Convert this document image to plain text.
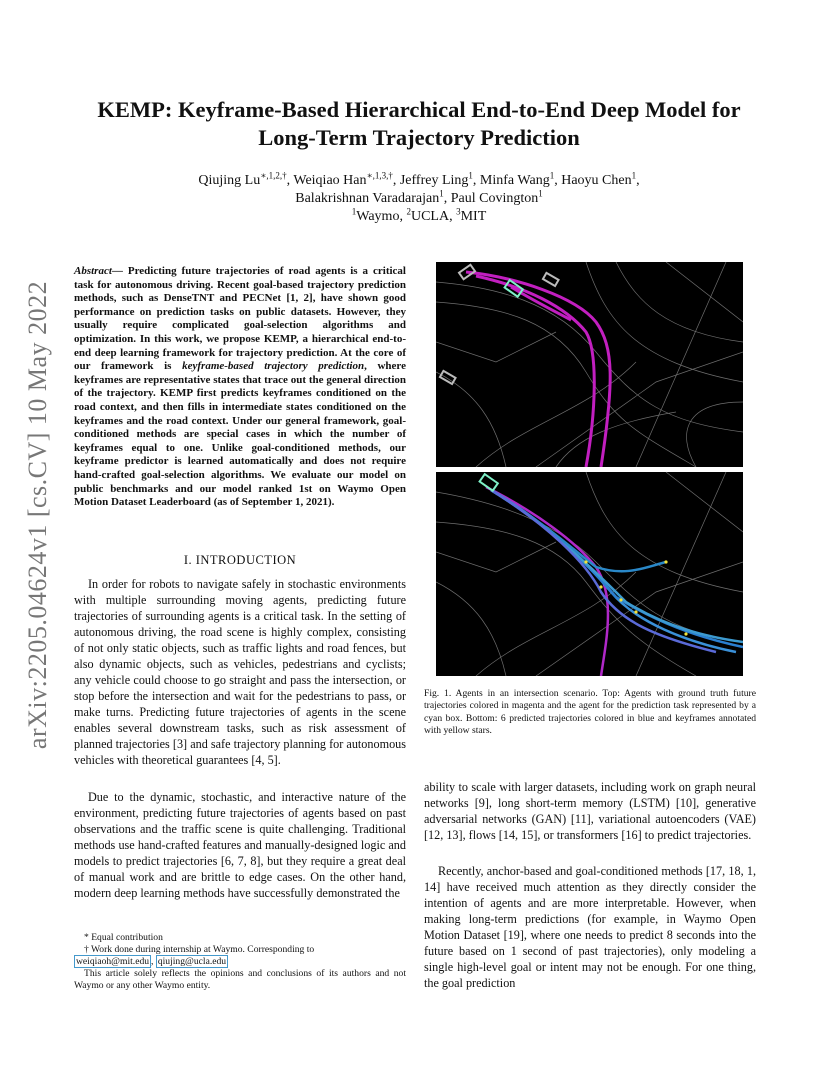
arXiv:2205.04624v1 [cs.CV] 10 May 2022
KEMP: Keyframe-Based Hierarchical End-to-End Deep Model for
Long-Term Trajectory Prediction
Qiujing $Lu^{∗,1,2,\dagger}$, Weiqiao Han$^{∗,1,3,\dagger}$, Jeffrey Ling$^1$, Minfa Wang$^1$, Haoyu Chen$^1$,
Balakrishnan Varadarajan$^1$, Paul Covington$^1$
$^1$Waymo, $^2$UCLA, $^3$MIT
Abstract— Predicting future trajectories of road agents is a critical task for autonomous driving. Recent goal-based trajectory prediction methods, such as DenseTNT and PECNet [1, 2], have shown good performance on prediction tasks on public datasets. However, they usually require complicated goal-selection algorithms and optimization. In this work, we propose KEMP, a hierarchical end-to-end deep learning framework for trajectory prediction. At the core of our framework is keyframe-based trajectory prediction, where keyframes are representative states that trace out the general direction of the trajectory. KEMP first predicts keyframes conditioned on the road context, and then fills in intermediate states conditioned on the keyframes and the road context. Under our general framework, goal-conditioned methods are special cases in which the number of keyframes equal to one. Unlike goal-conditioned methods, our keyframe predictor is learned automatically and does not require hand-crafted goal-selection algorithms. We evaluate our model on public benchmarks and our model ranked 1st on Waymo Open Motion Dataset Leaderboard (as of September 1, 2021).
I. INTRODUCTION

In order for robots to navigate safely in stochastic environments with multiple surrounding moving agents, predicting future trajectories of surrounding agents is a critical task. In the setting of autonomous driving, the road scene is highly complex, consisting of not only static objects, such as traffic lights and road fences, but also dynamic objects, such as vehicles, pedestrians and cyclists; any vehicle could choose to go straight and pass the intersection, or stop before the intersection and wait for the pedestrians to pass, or make turns. Predicting future trajectories of agents in the scene enables several downstream tasks, such as risk assessment of planned trajectories [3] and safe trajectory planning for autonomous vehicles with theoretical guarantees [4, 5].

Due to the dynamic, stochastic, and interactive nature of the environment, predicting future trajectories of agents based on past observations and the traffic scene is quite challenging. Traditional methods use hand-crafted features and manually-designed logic and models to predict trajectories [6, 7, 8], but they require a great deal of manual work and are brittle to edge cases. On the other hand, modern deep learning methods have successfully demonstrated the

* Equal contribution
† Work done during internship at Waymo. Corresponding to
weiqiaoh@mit.edu , qiujing@ucla.edu
This article solely reflects the opinions and conclusions of its authors and not Waymo or any other Waymo entity.
Fig. 1. Agents in an intersection scenario. Top: Agents with ground truth future trajectories colored in magenta and the agent for the prediction task represented by a cyan box. Bottom: 6 predicted trajectories colored in blue and keyframes annotated with yellow stars.

ability to scale with larger datasets, including work on graph neural networks [9], long short-term memory (LSTM) [10], generative adversarial networks (GAN) [11], variational autoencoders (VAE) [12, 13], flows [14, 15], or transformers [16] to predict trajectories.

Recently, anchor-based and goal-conditioned methods [17, 18, 1, 14] have received much attention as they directly consider the intention of agents and are more interpretable. However, when making long-term predictions (for example, in Waymo Open Motion Dataset [19], where one needs to predict 8 seconds into the future based on 1 second of past trajectories), only modeling a single high-level goal or intent may not be enough. For one thing, the goal prediction
